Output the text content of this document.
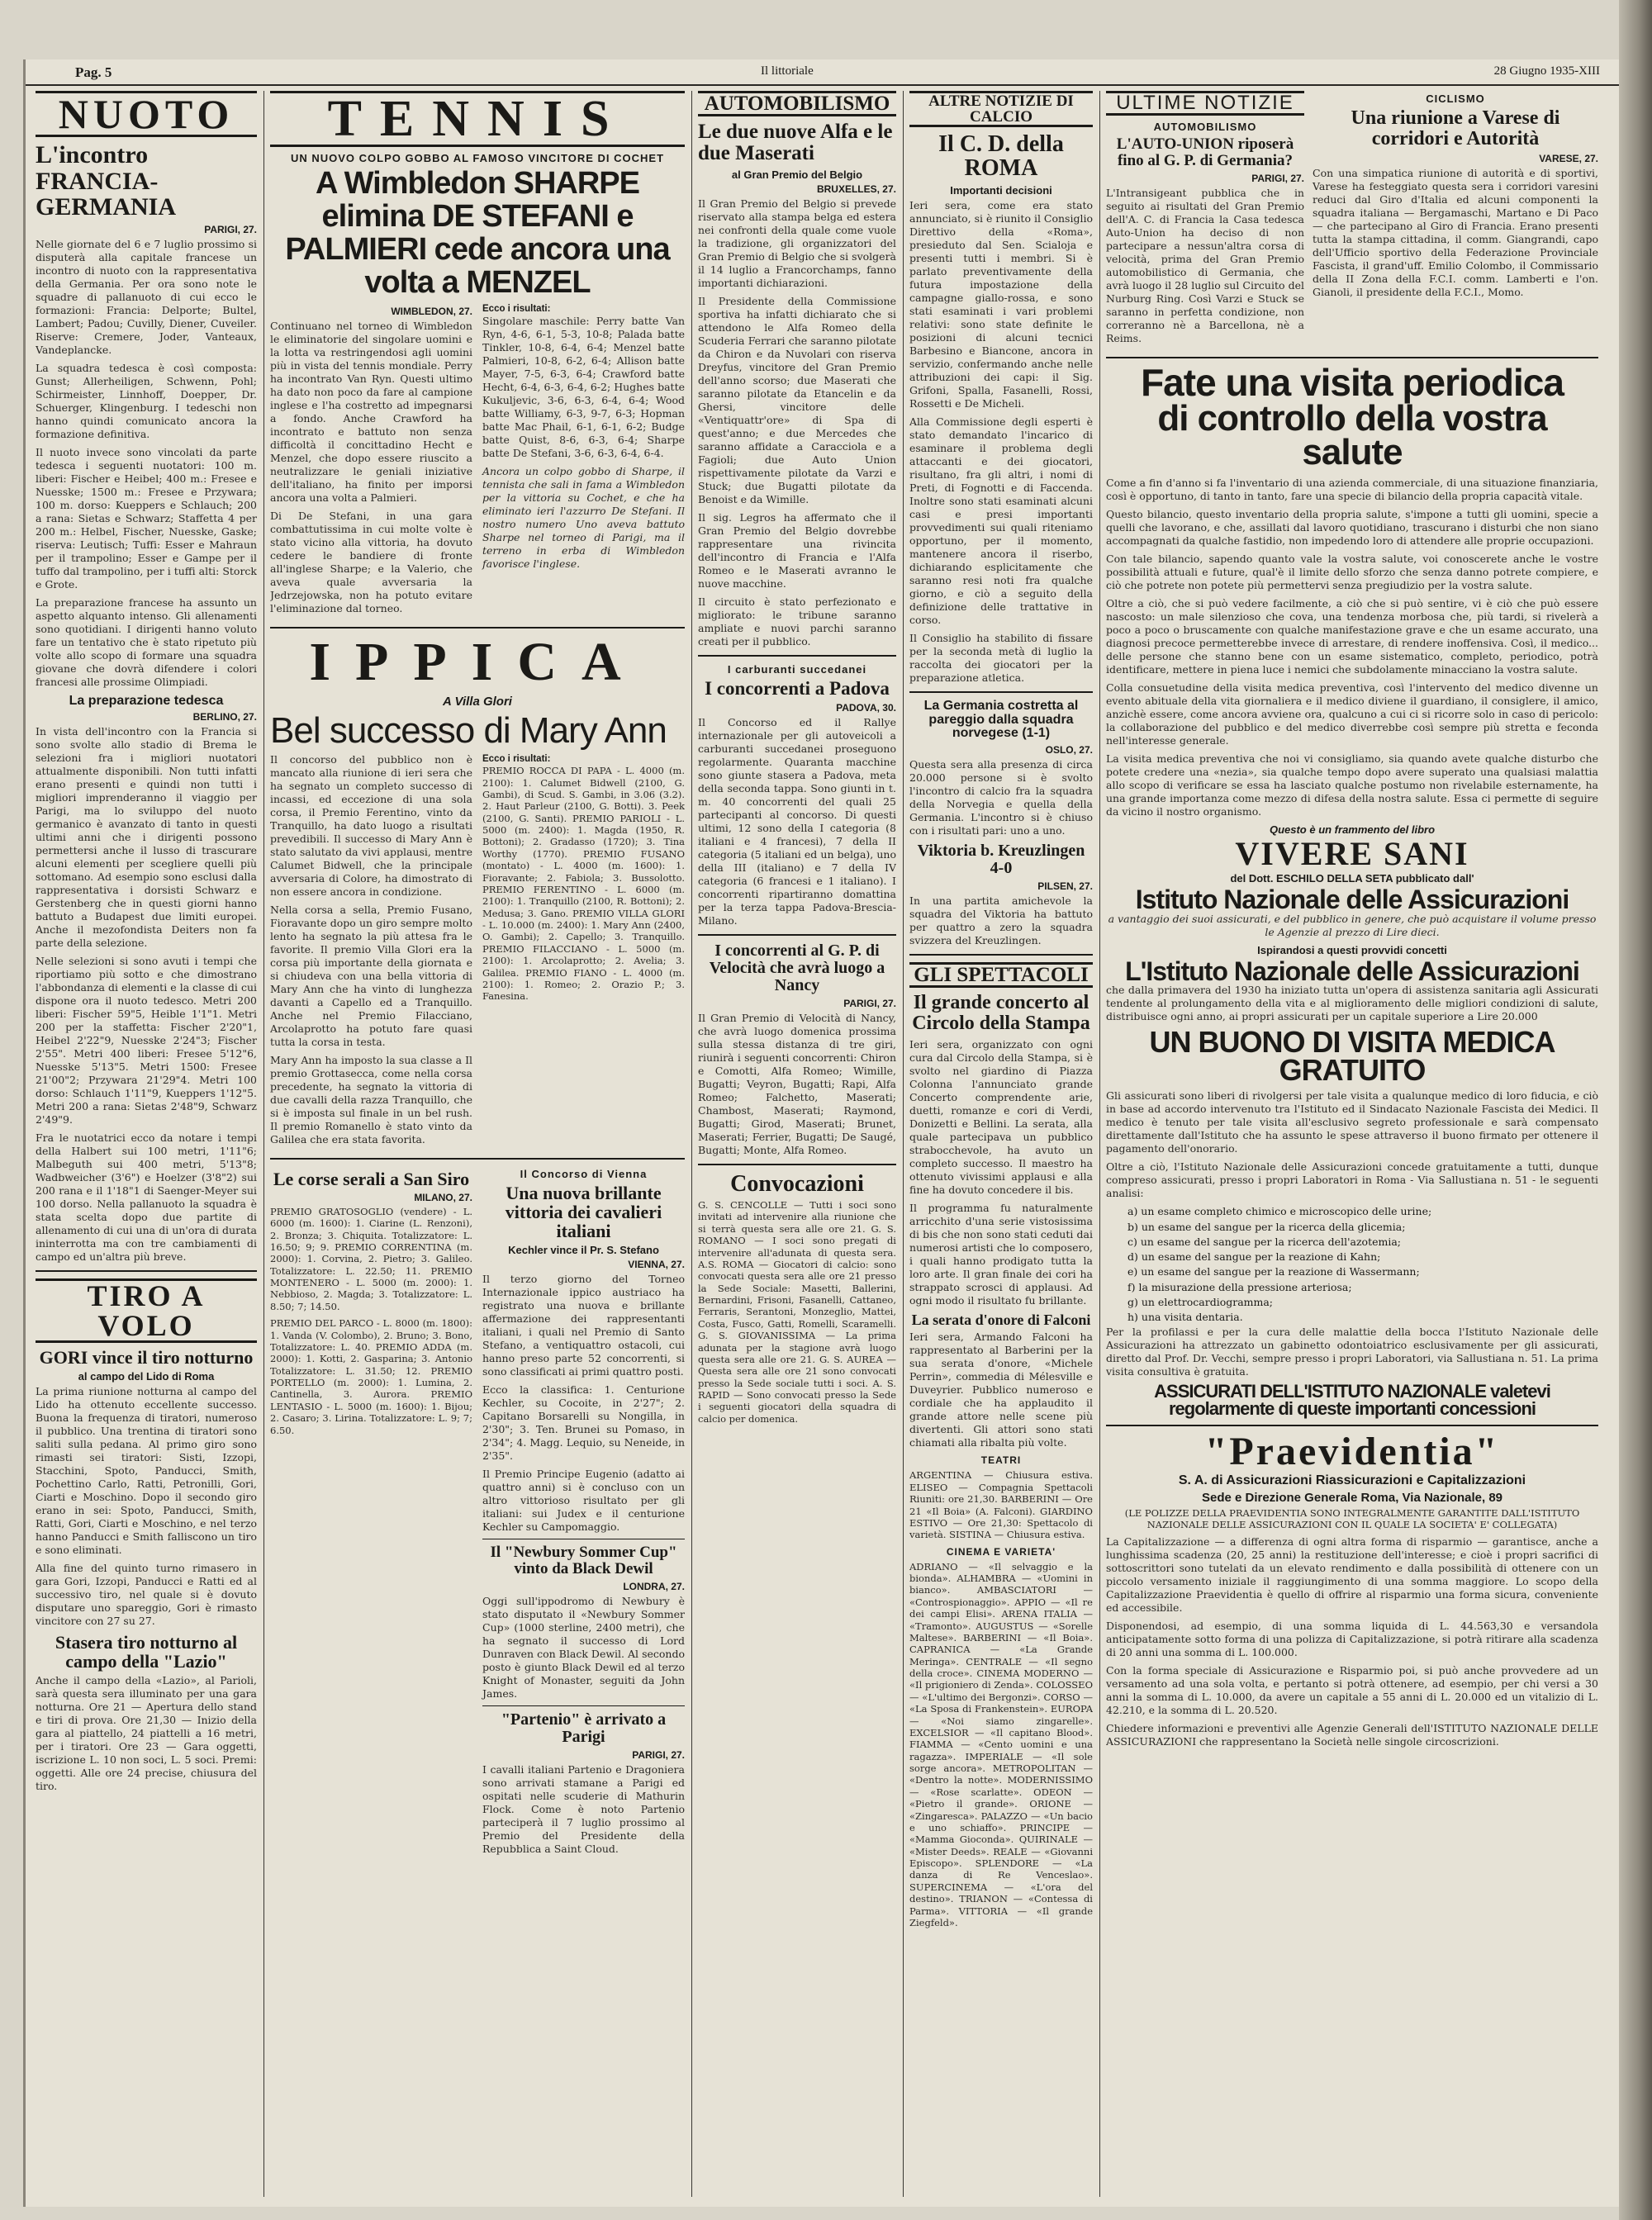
Pag. 5	Il littoriale	28 Giugno 1935-XIII
NUOTO
L'incontro FRANCIA-GERMANIA
PARIGI, 27.

Nelle giornate del 6 e 7 luglio prossimo si disputerà alla capitale francese un incontro di nuoto con la rappresentativa della Germania. Per ora sono note le squadre di pallanuoto di cui ecco le formazioni: Francia: Delporte; Bultel, Lambert; Padou; Cuvilly, Diener, Cuveiler. Riserve: Cremere, Joder, Vanteaux, Vandeplancke.

La squadra tedesca è così composta: Gunst; Allerheiligen, Schwenn, Pohl; Schirmeister, Linnhoff, Doepper, Dr. Schuerger, Klingenburg. I tedeschi non hanno quindi comunicato ancora la formazione definitiva.

Il nuoto invece sono vincolati da parte tedesca i seguenti nuotatori: 100 m. liberi: Fischer e Heibel; 400 m.: Fresee e Nuesske; 1500 m.: Fresee e Przywara; 100 m. dorso: Kueppers e Schlauch; 200 a rana: Sietas e Schwarz; Staffetta 4 per 200 m.: Helbel, Fischer, Nuesske, Gaske; riserva: Leutisch; Tuffi: Esser e Mahraun per il trampolino; Esser e Gampe per il tuffo dal trampolino, per i tuffi alti: Storck e Grote.

La preparazione francese ha assunto un aspetto alquanto intenso. Gli allenamenti sono quotidiani. I dirigenti hanno voluto fare un tentativo che è stato ripetuto più volte allo scopo di formare una squadra giovane che dovrà difendere i colori francesi alle prossime Olimpiadi.

La preparazione tedesca
BERLINO, 27.

In vista dell'incontro con la Francia si sono svolte allo stadio di Brema le selezioni fra i migliori nuotatori attualmente disponibili. Non tutti infatti erano presenti e quindi non tutti i migliori imprenderanno il viaggio per Parigi, ma lo sviluppo del nuoto germanico è avanzato di tanto in questi ultimi anni che i dirigenti possono permettersi anche il lusso di trascurare alcuni elementi per scegliere quelli più sottomano. Ad esempio sono esclusi dalla rappresentativa i dorsisti Schwarz e Gerstenberg che in questi giorni hanno battuto a Budapest due limiti europei. Anche il mezofondista Deiters non fa parte della selezione.

Nelle selezioni si sono avuti i tempi che riportiamo più sotto e che dimostrano l'abbondanza di elementi e la classe di cui dispone ora il nuoto tedesco. Metri 200 liberi: Fischer 59"5, Heible 1'1"1. Metri 200 per la staffetta: Fischer 2'20"1, Heibel 2'22"9, Nuesske 2'24"3; Fischer 2'55". Metri 400 liberi: Fresee 5'12"6, Nuesske 5'13"5. Metri 1500: Fresee 21'00"2; Przywara 21'29"4. Metri 100 dorso: Schlauch 1'11"9, Kueppers 1'12"5. Metri 200 a rana: Sietas 2'48"9, Schwarz 2'49"9.

Fra le nuotatrici ecco da notare i tempi della Halbert sui 100 metri, 1'11"6; Malbeguth sui 400 metri, 5'13"8; Wadbweicher (3'6") e Hoelzer (3'8"2) sui 200 rana e il 1'18"1 di Saenger-Meyer sui 100 dorso. Nella pallanuoto la squadra è stata scelta dopo due partite di allenamento di cui una di un'ora di durata ininterrotta ma con tre cambiamenti di campo ed un'altra più breve.

TIRO A VOLO
GORI vince il tiro notturno
al campo del Lido di Roma

La prima riunione notturna al campo del Lido ha ottenuto eccellente successo. Buona la frequenza di tiratori, numeroso il pubblico. Una trentina di tiratori sono saliti sulla pedana. Al primo giro sono rimasti sei tiratori: Sisti, Izzopi, Stacchini, Spoto, Panducci, Smith, Pochettino Carlo, Ratti, Petronilli, Gori, Ciarti e Moschino. Dopo il secondo giro erano in sei: Spoto, Panducci, Smith, Ratti, Gori, Ciarti e Moschino, e nel terzo hanno Panducci e Smith falliscono un tiro e sono eliminati.

Alla fine del quinto turno rimasero in gara Gori, Izzopi, Panducci e Ratti ed al successivo tiro, nel quale si è dovuto disputare uno spareggio, Gori è rimasto vincitore con 27 su 27.

Stasera tiro notturno al campo della "Lazio"

Anche il campo della «Lazio», al Parioli, sarà questa sera illuminato per una gara notturna. Ore 21 — Apertura dello stand e tiri di prova. Ore 21,30 — Inizio della gara al piattello, 24 piattelli a 16 metri, per i tiratori. Ore 23 — Gara oggetti, iscrizione L. 10 non soci, L. 5 soci. Premi: oggetti. Alle ore 24 precise, chiusura del tiro.

TENNIS
UN NUOVO COLPO GOBBO AL FAMOSO VINCITORE DI COCHET
A Wimbledon SHARPE elimina DE STEFANI e PALMIERI cede ancora una volta a MENZEL
WIMBLEDON, 27.

Continuano nel torneo di Wimbledon le eliminatorie del singolare uomini e la lotta va restringendosi agli uomini più in vista del tennis mondiale. Perry ha incontrato Van Ryn. Questi ultimo ha dato non poco da fare al campione inglese e l'ha costretto ad impegnarsi a fondo. Anche Crawford ha incontrato e battuto non senza difficoltà il concittadino Hecht e Menzel, che dopo essere riuscito a neutralizzare le geniali iniziative dell'italiano, ha finito per imporsi ancora una volta a Palmieri.

Di De Stefani, in una gara combattutissima in cui molte volte è stato vicino alla vittoria, ha dovuto cedere le bandiere di fronte all'inglese Sharpe; e la Valerio, che aveva quale avversaria la Jedrzejowska, non ha potuto evitare l'eliminazione dal torneo.

Ecco i risultati:

Singolare maschile: Perry batte Van Ryn, 4-6, 6-1, 5-3, 10-8; Palada batte Tinkler, 10-8, 6-4, 6-4; Menzel batte Palmieri, 10-8, 6-2, 6-4; Allison batte Mayer, 7-5, 6-3, 6-4; Crawford batte Hecht, 6-4, 6-3, 6-4, 6-2; Hughes batte Kukuljevic, 3-6, 6-3, 6-4, 6-4; Wood batte Williamy, 6-3, 9-7, 6-3; Hopman batte Mac Phail, 6-1, 6-1, 6-2; Budge batte Quist, 8-6, 6-3, 6-4; Sharpe batte De Stefani, 3-6, 6-3, 6-4, 6-4.

Ancora un colpo gobbo di Sharpe, il tennista che sali in fama a Wimbledon per la vittoria su Cochet, e che ha eliminato ieri l'azzurro De Stefani. Il nostro numero Uno aveva battuto Sharpe nel torneo di Parigi, ma il terreno in erba di Wimbledon favorisce l'inglese.

IPPICA
A Villa Glori
Bel successo di Mary Ann

Il concorso del pubblico non è mancato alla riunione di ieri sera che ha segnato un completo successo di incassi, ed eccezione di una sola corsa, il Premio Ferentino, vinto da Tranquillo, ha dato luogo a risultati prevedibili. Il successo di Mary Ann è stato salutato da vivi applausi, mentre Calumet Bidwell, che la principale avversaria di Colore, ha dimostrato di non essere ancora in condizione.

Nella corsa a sella, Premio Fusano, Fioravante dopo un giro sempre molto lento ha segnato la più attesa fra le favorite. Il premio Villa Glori era la corsa più importante della giornata e si chiudeva con una bella vittoria di Mary Ann che ha vinto di lunghezza davanti a Capello ed a Tranquillo. Anche nel Premio Filacciano, Arcolaprotto ha potuto fare quasi tutta la corsa in testa.

Mary Ann ha imposto la sua classe a Il premio Grottasecca, come nella corsa precedente, ha segnato la vittoria di due cavalli della razza Tranquillo, che si è imposta sul finale in un bel rush. Il premio Romanello è stato vinto da Galilea che era stata favorita.

Ecco i risultati:

PREMIO ROCCA DI PAPA - L. 4000 (m. 2100): 1. Calumet Bidwell (2100, G. Gambi), di Scud. S. Gambi, in 3.06 (3.2). 2. Haut Parleur (2100, G. Botti). 3. Peek (2100, G. Santi). PREMIO PARIOLI - L. 5000 (m. 2400): 1. Magda (1950, R. Bottoni); 2. Gradasso (1720); 3. Tina Worthy (1770). PREMIO FUSANO (montato) - L. 4000 (m. 1600): 1. Fioravante; 2. Fabiola; 3. Bussolotto. PREMIO FERENTINO - L. 6000 (m. 2100): 1. Tranquillo (2100, R. Bottoni); 2. Medusa; 3. Gano. PREMIO VILLA GLORI - L. 10.000 (m. 2400): 1. Mary Ann (2400, O. Gambi); 2. Capello; 3. Tranquillo. PREMIO FILACCIANO - L. 5000 (m. 2100): 1. Arcolaprotto; 2. Avelia; 3. Galilea. PREMIO FIANO - L. 4000 (m. 2100): 1. Romeo; 2. Orazio P.; 3. Fanesina.

Le corse serali a San Siro
MILANO, 27.

PREMIO GRATOSOGLIO (vendere) - L. 6000 (m. 1600): 1. Ciarine (L. Renzoni), 2. Bronza; 3. Chiquita. Totalizzatore: L. 16.50; 9; 9. PREMIO CORRENTINA (m. 2000): 1. Corvina, 2. Pietro; 3. Galileo. Totalizzatore: L. 22.50; 11. PREMIO MONTENERO - L. 5000 (m. 2000): 1. Nebbioso, 2. Magda; 3. Totalizzatore: L. 8.50; 7; 14.50.

PREMIO DEL PARCO - L. 8000 (m. 1800): 1. Vanda (V. Colombo), 2. Bruno; 3. Bono, Totalizzatore: L. 40. PREMIO ADDA (m. 2000): 1. Kotti, 2. Gasparina; 3. Antonio Totalizzatore: L. 31.50; 12. PREMIO PORTELLO (m. 2000): 1. Lumina, 2. Cantinella, 3. Aurora. PREMIO LENTASIO - L. 5000 (m. 1600): 1. Bijou; 2. Casaro; 3. Lirina. Totalizzatore: L. 9; 7; 6.50.

Il Concorso di Vienna
Una nuova brillante vittoria dei cavalieri italiani
Kechler vince il Pr. S. Stefano
VIENNA, 27.

Il terzo giorno del Torneo Internazionale ippico austriaco ha registrato una nuova e brillante affermazione dei rappresentanti italiani, i quali nel Premio di Santo Stefano, a ventiquattro ostacoli, cui hanno preso parte 52 concorrenti, si sono classificati ai primi quattro posti.

Ecco la classifica: 1. Centurione Kechler, su Cocoite, in 2'27"; 2. Capitano Borsarelli su Nongilla, in 2'30"; 3. Ten. Brunei su Pomaso, in 2'34"; 4. Magg. Lequio, su Neneide, in 2'35".

Il Premio Principe Eugenio (adatto ai quattro anni) si è concluso con un altro vittorioso risultato per gli italiani: sui Judex e il centurione Kechler su Campomaggio.

Il "Newbury Sommer Cup" vinto da Black Dewil
LONDRA, 27.

Oggi sull'ippodromo di Newbury è stato disputato il «Newbury Sommer Cup» (1000 sterline, 2400 metri), che ha segnato il successo di Lord Dunraven con Black Dewil. Al secondo posto è giunto Black Dewil ed al terzo Knight of Monaster, seguiti da John James.

"Partenio" è arrivato a Parigi
PARIGI, 27.

I cavalli italiani Partenio e Dragoniera sono arrivati stamane a Parigi ed ospitati nelle scuderie di Mathurin Flock. Come è noto Partenio parteciperà il 7 luglio prossimo al Premio del Presidente della Repubblica a Saint Cloud.

AUTOMOBILISMO
Le due nuove Alfa e le due Maserati
al Gran Premio del Belgio
BRUXELLES, 27.

Il Gran Premio del Belgio si prevede riservato alla stampa belga ed estera nei confronti della quale come vuole la tradizione, gli organizzatori del Gran Premio di Belgio che si svolgerà il 14 luglio a Francorchamps, fanno importanti dichiarazioni.

Il Presidente della Commissione sportiva ha infatti dichiarato che si attendono le Alfa Romeo della Scuderia Ferrari che saranno pilotate da Chiron e da Nuvolari con riserva Dreyfus, vincitore del Gran Premio dell'anno scorso; due Maserati che saranno pilotate da Etancelin e da Ghersi, vincitore delle «Ventiquattr'ore» di Spa di quest'anno; e due Mercedes che saranno affidate a Caracciola e a Fagioli; due Auto Union rispettivamente pilotate da Varzi e Stuck; due Bugatti pilotate da Benoist e da Wimille.

Il sig. Legros ha affermato che il Gran Premio del Belgio dovrebbe rappresentare una rivincita dell'incontro di Francia e l'Alfa Romeo e le Maserati avranno le nuove macchine.

Il circuito è stato perfezionato e migliorato: le tribune saranno ampliate e nuovi parchi saranno creati per il pubblico.

I carburanti succedanei
I concorrenti a Padova
PADOVA, 30.

Il Concorso ed il Rallye internazionale per gli autoveicoli a carburanti succedanei proseguono regolarmente. Quaranta macchine sono giunte stasera a Padova, meta della seconda tappa. Sono giunti in t. m. 40 concorrenti del quali 25 partecipanti al concorso. Di questi ultimi, 12 sono della I categoria (8 italiani e 4 francesi), 7 della II categoria (5 italiani ed un belga), uno della III (italiano) e 7 della IV categoria (6 francesi e 1 italiano). I concorrenti ripartiranno domattina per la terza tappa Padova-Brescia-Milano.

I concorrenti al G. P. di Velocità che avrà luogo a Nancy
PARIGI, 27.

Il Gran Premio di Velocità di Nancy, che avrà luogo domenica prossima sulla stessa distanza di tre giri, riunirà i seguenti concorrenti: Chiron e Comotti, Alfa Romeo; Wimille, Bugatti; Veyron, Bugatti; Rapi, Alfa Romeo; Falchetto, Maserati; Chambost, Maserati; Raymond, Bugatti; Girod, Maserati; Brunet, Maserati; Ferrier, Bugatti; De Saugé, Bugatti; Monte, Alfa Romeo.

Convocazioni

G. S. CENCOLLE — Tutti i soci sono invitati ad intervenire alla riunione che si terrà questa sera alle ore 21. G. S. ROMANO — I soci sono pregati di intervenire all'adunata di questa sera. A.S. ROMA — Giocatori di calcio: sono convocati questa sera alle ore 21 presso la Sede Sociale: Masetti, Ballerini, Bernardini, Frisoni, Fasanelli, Cattaneo, Ferraris, Serantoni, Monzeglio, Mattei, Costa, Fusco, Gatti, Romelli, Scaramelli. G. S. GIOVANISSIMA — La prima adunata per la stagione avrà luogo questa sera alle ore 21. G. S. AUREA — Questa sera alle ore 21 sono convocati presso la Sede sociale tutti i soci. A. S. RAPID — Sono convocati presso la Sede i seguenti giocatori della squadra di calcio per domenica.

ALTRE NOTIZIE DI CALCIO
Il C. D. della ROMA
Importanti decisioni

Ieri sera, come era stato annunciato, si è riunito il Consiglio Direttivo della «Roma», presieduto dal Sen. Scialoja e presenti tutti i membri. Si è parlato preventivamente della futura impostazione della campagne giallo-rossa, e sono stati esaminati i vari problemi relativi: sono state definite le posizioni di alcuni tecnici Barbesino e Biancone, ancora in servizio, confermando anche nelle attribuzioni dei capi: il Sig. Grifoni, Spalla, Fasanelli, Rossi, Rossetti e De Micheli.

Alla Commissione degli esperti è stato demandato l'incarico di esaminare il problema degli attaccanti e dei giocatori, risultano, fra gli altri, i nomi di Preti, di Fognotti e di Faccenda. Inoltre sono stati esaminati alcuni casi e presi importanti provvedimenti sui quali riteniamo opportuno, per il momento, mantenere ancora il riserbo, dichiarando esplicitamente che saranno resi noti fra qualche giorno, e ciò a seguito della definizione delle trattative in corso.

Il Consiglio ha stabilito di fissare per la seconda metà di luglio la raccolta dei giocatori per la preparazione atletica.

La Germania costretta al pareggio dalla squadra norvegese (1-1)
OSLO, 27.

Questa sera alla presenza di circa 20.000 persone si è svolto l'incontro di calcio fra la squadra della Norvegia e quella della Germania. L'incontro si è chiuso con i risultati pari: uno a uno.

Viktoria b. Kreuzlingen 4-0
PILSEN, 27.

In una partita amichevole la squadra del Viktoria ha battuto per quattro a zero la squadra svizzera del Kreuzlingen.

GLI SPETTACOLI
Il grande concerto al Circolo della Stampa

Ieri sera, organizzato con ogni cura dal Circolo della Stampa, si è svolto nel giardino di Piazza Colonna l'annunciato grande Concerto comprendente arie, duetti, romanze e cori di Verdi, Donizetti e Bellini. La serata, alla quale partecipava un pubblico strabocchevole, ha avuto un completo successo. Il maestro ha ottenuto vivissimi applausi e alla fine ha dovuto concedere il bis.

Il programma fu naturalmente arricchito d'una serie vistosissima di bis che non sono stati ceduti dai numerosi artisti che lo composero, i quali hanno prodigato tutta la loro arte. Il gran finale dei cori ha strappato scrosci di applausi. Ad ogni modo il risultato fu brillante.

La serata d'onore di Falconi

Ieri sera, Armando Falconi ha rappresentato al Barberini per la sua serata d'onore, «Michele Perrin», commedia di Mélesville e Duveyrier. Pubblico numeroso e cordiale che ha applaudito il grande attore nelle scene più divertenti. Gli attori sono stati chiamati alla ribalta più volte.

TEATRI

ARGENTINA — Chiusura estiva. ELISEO — Compagnia Spettacoli Riuniti: ore 21,30. BARBERINI — Ore 21 «Il Boia» (A. Falconi). GIARDINO ESTIVO — Ore 21,30: Spettacolo di varietà. SISTINA — Chiusura estiva.

CINEMA E VARIETA'

ADRIANO — «Il selvaggio e la bionda». ALHAMBRA — «Uomini in bianco». AMBASCIATORI — «Controspionaggio». APPIO — «Il re dei campi Elisi». ARENA ITALIA — «Tramonto». AUGUSTUS — «Sorelle Maltese». BARBERINI — «Il Boia». CAPRANICA — «La Grande Meringa». CENTRALE — «Il segno della croce». CINEMA MODERNO — «Il prigioniero di Zenda». COLOSSEO — «L'ultimo dei Bergonzi». CORSO — «La Sposa di Frankenstein». EUROPA — «Noi siamo zingarelle». EXCELSIOR — «Il capitano Blood». FIAMMA — «Cento uomini e una ragazza». IMPERIALE — «Il sole sorge ancora». METROPOLITAN — «Dentro la notte». MODERNISSIMO — «Rose scarlatte». ODEON — «Pietro il grande». ORIONE — «Zingaresca». PALAZZO — «Un bacio e uno schiaffo». PRINCIPE — «Mamma Gioconda». QUIRINALE — «Mister Deeds». REALE — «Giovanni Episcopo». SPLENDORE — «La danza di Re Venceslao». SUPERCINEMA — «L'ora del destino». TRIANON — «Contessa di Parma». VITTORIA — «Il grande Ziegfeld».

ULTIME NOTIZIE
AUTOMOBILISMO
L'AUTO-UNION riposerà fino al G. P. di Germania?
PARIGI, 27.

L'Intransigeant pubblica che in seguito ai risultati del Gran Premio dell'A. C. di Francia la Casa tedesca Auto-Union ha deciso di non partecipare a nessun'altra corsa di velocità, prima del Gran Premio automobilistico di Germania, che avrà luogo il 28 luglio sul Circuito del Nurburg Ring. Così Varzi e Stuck se saranno in perfetta condizione, non correranno nè a Barcellona, nè a Reims.

CICLISMO
Una riunione a Varese di corridori e Autorità
VARESE, 27.

Con una simpatica riunione di autorità e di sportivi, Varese ha festeggiato questa sera i corridori varesini reduci dal Giro d'Italia ed alcuni componenti la squadra italiana — Bergamaschi, Martano e Di Paco — che partecipano al Giro di Francia. Erano presenti tutta la stampa cittadina, il comm. Giangrandi, capo dell'Ufficio sportivo della Federazione Provinciale Fascista, il grand'uff. Emilio Colombo, il Commissario della II Zona della F.C.I. comm. Lamberti e l'on. Gianoli, il presidente della F.C.I., Momo.

Fate una visita periodica
di controllo della vostra salute

Come a fin d'anno si fa l'inventario di una azienda commerciale, di una situazione finanziaria, così è opportuno, di tanto in tanto, fare una specie di bilancio della propria capacità vitale.

Questo bilancio, questo inventario della propria salute, s'impone a tutti gli uomini, specie a quelli che lavorano, e che, assillati dal lavoro quotidiano, trascurano i disturbi che non siano accompagnati da qualche fastidio, non impedendo loro di attendere alle proprie occupazioni.

Con tale bilancio, sapendo quanto vale la vostra salute, voi conoscerete anche le vostre possibilità attuali e future, qual'è il limite dello sforzo che senza danno potrete compiere, e ciò che potrete non potete più permettervi senza pregiudizio per la vostra salute.

Oltre a ciò, che si può vedere facilmente, a ciò che si può sentire, vi è ciò che può essere nascosto: un male silenzioso che cova, una tendenza morbosa che, più tardi, si rivelerà a poco a poco o bruscamente con qualche manifestazione grave e che un esame accurato, una diagnosi precoce permetterebbe invece di arrestare, di rendere inoffensiva. Così, il medico... delle persone che stanno bene con un esame sistematico, completo, periodico, potrà identificare, mettere in piena luce i nemici che subdolamente minacciano la vostra salute.

Colla consuetudine della visita medica preventiva, così l'intervento del medico divenne un evento abituale della vita giornaliera e il medico diviene il guardiano, il consiglere, il amico, anzichè essere, come ancora avviene ora, qualcuno a cui ci si ricorre solo in caso di pericolo: la collaborazione del pubblico e del medico diverrebbe così sempre più stretta e feconda nell'interesse generale.

La visita medica preventiva che noi vi consigliamo, sia quando avete qualche disturbo che potete credere una «nezia», sia qualche tempo dopo avere superato una qualsiasi malattia allo scopo di verificare se essa ha lasciato qualche postumo non rivelabile esternamente, ha una grande importanza come mezzo di difesa della nostra salute. Essa ci permette di seguire da vicino il nostro organismo.

Questo è un frammento del libro
VIVERE SANI
del Dott. ESCHILO DELLA SETA pubblicato dall'
Istituto Nazionale delle Assicurazioni

a vantaggio dei suoi assicurati, e del pubblico in genere, che può acquistare il volume presso le Agenzie al prezzo di Lire dieci.

Ispirandosi a questi provvidi concetti
L'Istituto Nazionale delle Assicurazioni

che dalla primavera del 1930 ha iniziato tutta un'opera di assistenza sanitaria agli Assicurati tendente al prolungamento della vita e al miglioramento delle migliori condizioni di salute, distribuisce ogni anno, ai propri assicurati per un capitale superiore a Lire 20.000

UN BUONO DI VISITA MEDICA GRATUITO

Gli assicurati sono liberi di rivolgersi per tale visita a qualunque medico di loro fiducia, e ciò in base ad accordo intervenuto tra l'Istituto ed il Sindacato Nazionale Fascista dei Medici. Il medico è tenuto per tale visita all'esclusivo segreto professionale e sarà compensato direttamente dall'Istituto che ha assunto le spese attraverso il buono firmato per ottenere il pagamento dell'onorario.

Oltre a ciò, l'Istituto Nazionale delle Assicurazioni concede gratuitamente a tutti, dunque compreso assicurati, presso i propri Laboratori in Roma - Via Sallustiana n. 51 - le seguenti analisi:

a) un esame completo chimico e microscopico delle urine;
b) un esame del sangue per la ricerca della glicemia;
c) un esame del sangue per la ricerca dell'azotemia;
d) un esame del sangue per la reazione di Kahn;
e) un esame del sangue per la reazione di Wassermann;
f) la misurazione della pressione arteriosa;
g) un elettrocardiogramma;
h) una visita dentaria.

Per la profilassi e per la cura delle malattie della bocca l'Istituto Nazionale delle Assicurazioni ha attrezzato un gabinetto odontoiatrico esclusivamente per gli assicurati, diretto dal Prof. Dr. Vecchi, sempre presso i propri Laboratori, via Sallustiana n. 51. La prima visita consultiva è gratuita.

ASSICURATI DELL'ISTITUTO NAZIONALE valetevi regolarmente di queste importanti concessioni
"Praevidentia"
S. A. di Assicurazioni Riassicurazioni e Capitalizzazioni
Sede e Direzione Generale Roma, Via Nazionale, 89

(LE POLIZZE DELLA PRAEVIDENTIA SONO INTEGRALMENTE GARANTITE DALL'ISTITUTO NAZIONALE DELLE ASSICURAZIONI CON IL QUALE LA SOCIETA' E' COLLEGATA)

La Capitalizzazione — a differenza di ogni altra forma di risparmio — garantisce, anche a lunghissima scadenza (20, 25 anni) la restituzione dell'interesse; e cioè i propri sacrifici di sottoscrittori sono tutelati da un elevato rendimento e dalla possibilità di ottenere con un piccolo versamento iniziale il raggiungimento di una somma maggiore. Lo scopo della Capitalizzazione Praevidentia è quello di offrire al risparmio una forma sicura, conveniente ed accessibile.

Disponendosi, ad esempio, di una somma liquida di L. 44.563,30 e versandola anticipatamente sotto forma di una polizza di Capitalizzazione, si potrà ritirare alla scadenza di 20 anni una somma di L. 100.000.

Con la forma speciale di Assicurazione e Risparmio poi, si può anche provvedere ad un versamento ad una sola volta, e pertanto si potrà ottenere, ad esempio, per chi versi a 30 anni la somma di L. 10.000, da avere un capitale a 55 anni di L. 20.000 ed un vitalizio di L. 42.210, e la somma di L. 20.520.

Chiedere informazioni e preventivi alle Agenzie Generali dell'ISTITUTO NAZIONALE DELLE ASSICURAZIONI che rappresentano la Società nelle singole circoscrizioni.
